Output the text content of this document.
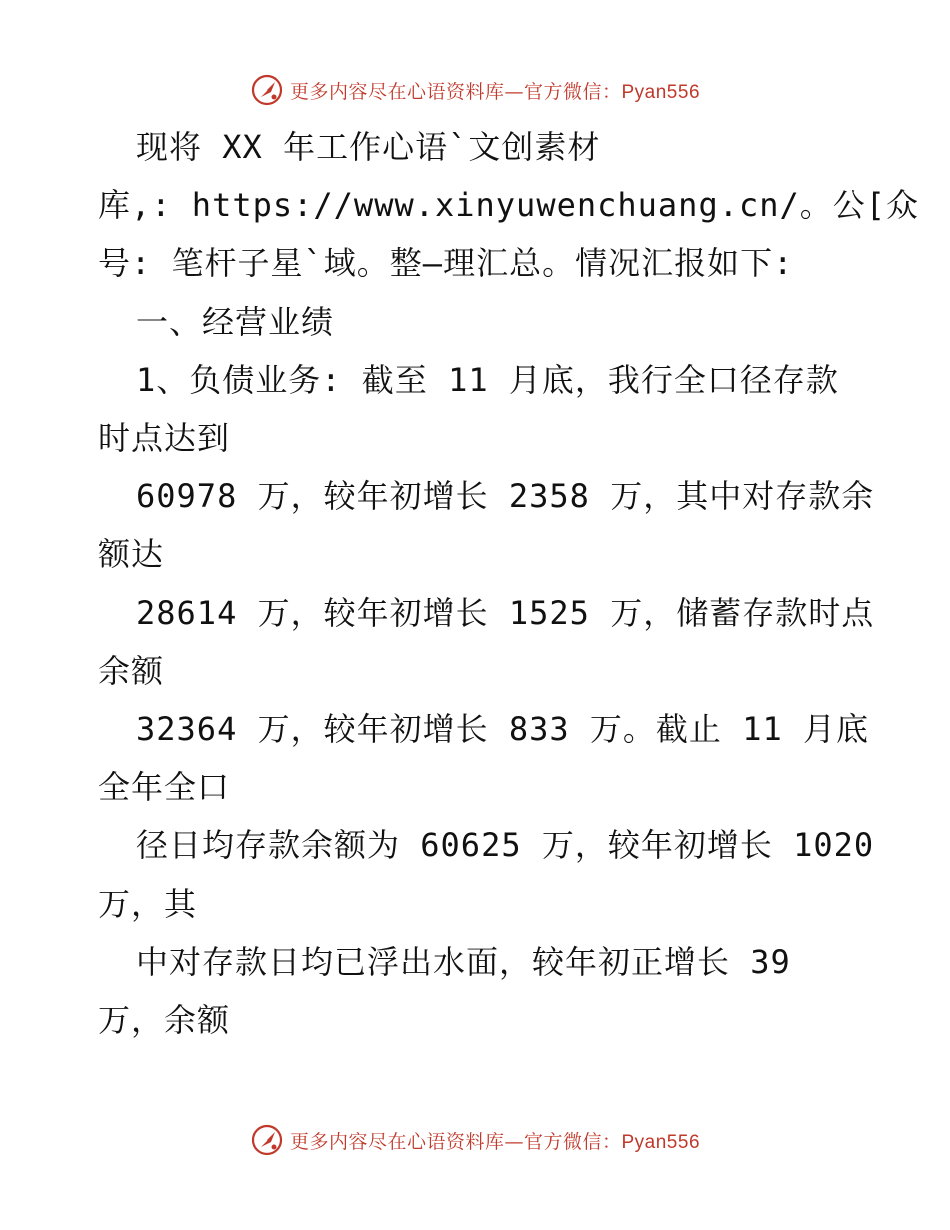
更多内容尽在心语资料库—官方微信：Pyan556
现将 XX 年工作心语`文创素材
库,: https://www.xinyuwenchuang.cn/。公[众
号: 笔杆子星`域。整—理汇总。情况汇报如下:
一、经营业绩
1、负债业务: 截至 11 月底，我行全口径存款
时点达到
60978 万，较年初增长 2358 万，其中对存款余
额达
28614 万，较年初增长 1525 万，储蓄存款时点
余额
32364 万，较年初增长 833 万。截止 11 月底
全年全口
径日均存款余额为 60625 万，较年初增长 1020
万，其
中对存款日均已浮出水面，较年初正增长 39
万，余额
更多内容尽在心语资料库—官方微信：Pyan556
